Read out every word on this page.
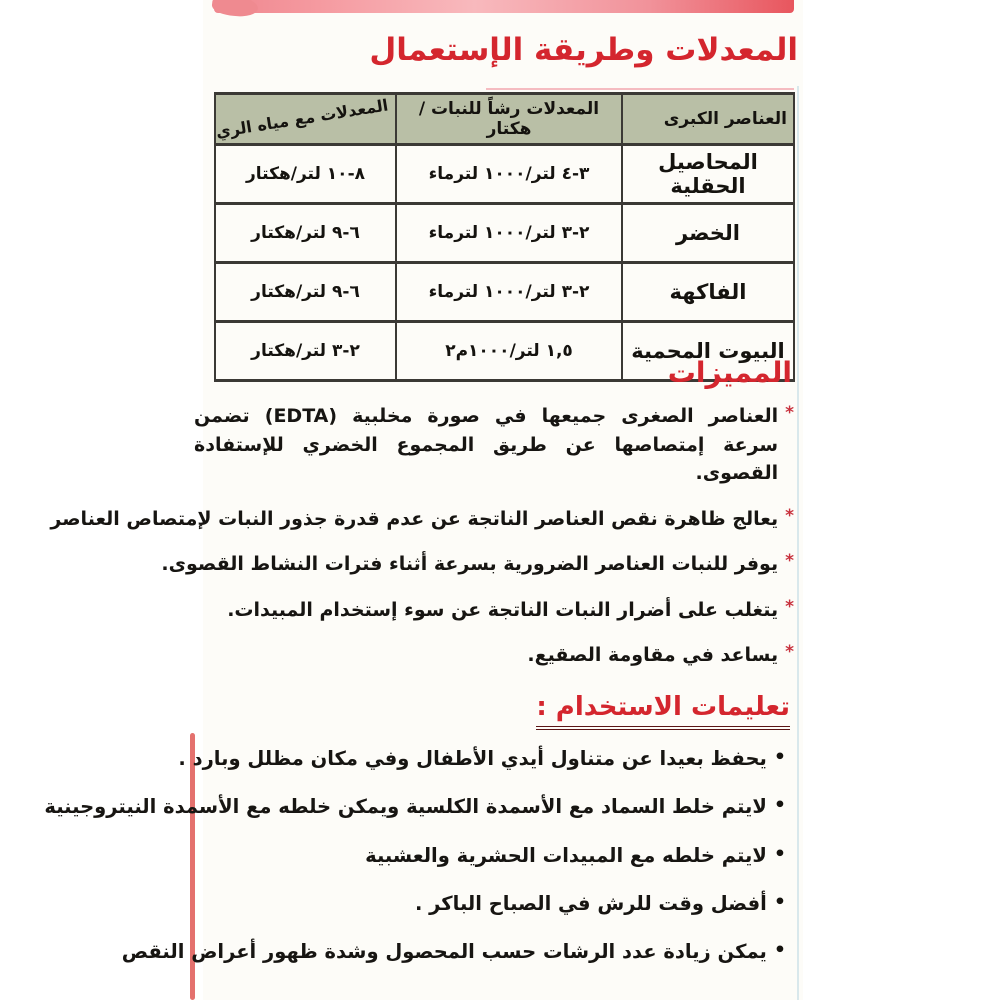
المعدلات وطريقة الإستعمال
العناصر الكبرى	المعدلات رشاً للنبات / هكتار	المعدلات مع مياه الري
المحاصيل الحقلية	٣-٤ لتر/١٠٠٠ لترماء	٨-١٠ لتر/هكتار
الخضر	٢-٣ لتر/١٠٠٠ لترماء	٦-٩ لتر/هكتار
الفاكهة	٢-٣ لتر/١٠٠٠ لترماء	٦-٩ لتر/هكتار
البيوت المحمية	١,٥ لتر/١٠٠٠م٢	٢-٣ لتر/هكتار
المميزات
*
العناصر الصغرى جميعها في صورة مخلبية (EDTA) تضمن سرعة إمتصاصها عن طريق المجموع الخضري للإستفادة القصوى.
*
يعالج ظاهرة نقص العناصر الناتجة عن عدم قدرة جذور النبات لإمتصاص العناصر
*
يوفر للنبات العناصر الضرورية بسرعة أثناء فترات النشاط القصوى.
*
يتغلب على أضرار النبات الناتجة عن سوء إستخدام المبيدات.
*
يساعد في مقاومة الصقيع.
تعليمات الاستخدام :
•
يحفظ بعيدا عن متناول أيدي الأطفال وفي مكان مظلل وبارد .
•
لايتم خلط السماد مع الأسمدة الكلسية ويمكن خلطه مع الأسمدة النيتروجينية
•
لايتم خلطه مع المبيدات الحشرية والعشبية
•
أفضل وقت للرش في الصباح الباكر .
•
يمكن زيادة عدد الرشات حسب المحصول وشدة ظهور أعراض النقص
